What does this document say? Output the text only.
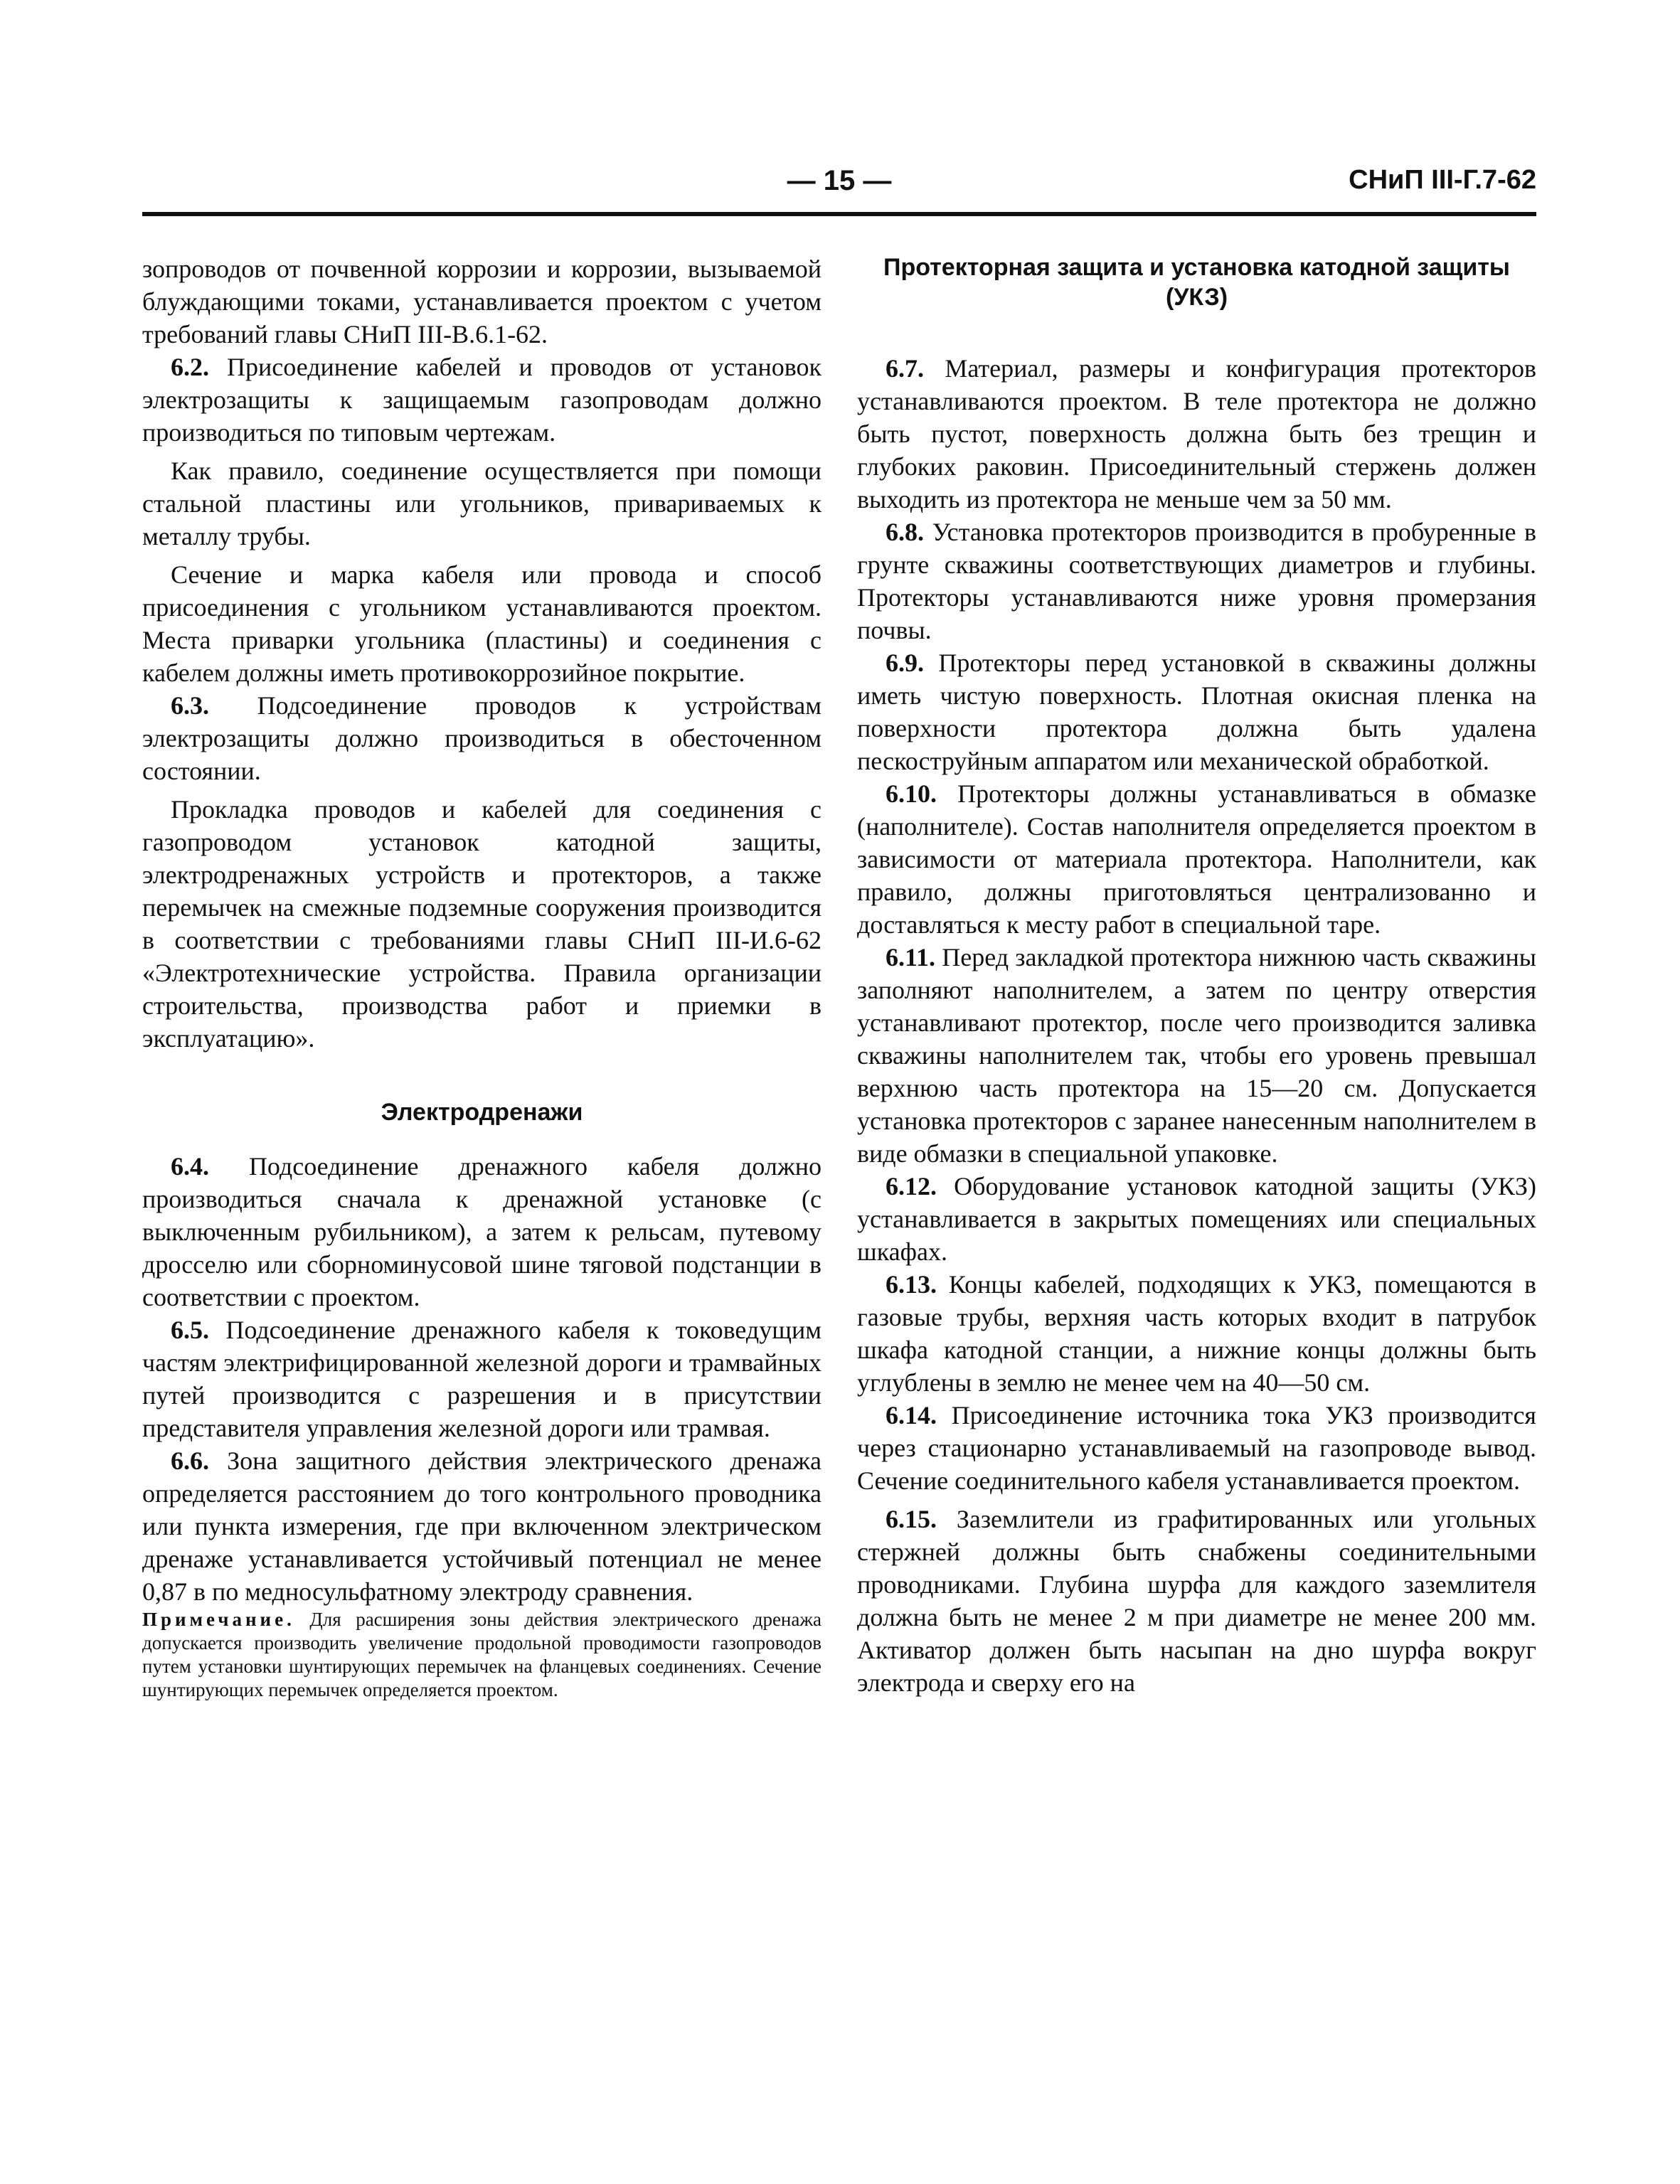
— 15 —	СНиП III-Г.7-62

зопроводов от почвенной коррозии и коррозии, вызываемой блуждающими токами, устанавливается проектом с учетом требований главы СНиП III-В.6.1-62.

6.2. Присоединение кабелей и проводов от установок электрозащиты к защищаемым газопроводам должно производиться по типовым чертежам.

Как правило, соединение осуществляется при помощи стальной пластины или угольников, привариваемых к металлу трубы.

Сечение и марка кабеля или провода и способ присоединения с угольником устанавливаются проектом. Места приварки угольника (пластины) и соединения с кабелем должны иметь противокоррозийное покрытие.

6.3. Подсоединение проводов к устройствам электрозащиты должно производиться в обесточенном состоянии.

Прокладка проводов и кабелей для соединения с газопроводом установок катодной защиты, электродренажных устройств и протекторов, а также перемычек на смежные подземные сооружения производится в соответствии с требованиями главы СНиП III-И.6-62 «Электротехнические устройства. Правила организации строительства, производства работ и приемки в эксплуатацию».

Электродренажи

6.4. Подсоединение дренажного кабеля должно производиться сначала к дренажной установке (с выключенным рубильником), а затем к рельсам, путевому дросселю или сборноминусовой шине тяговой подстанции в соответствии с проектом.

6.5. Подсоединение дренажного кабеля к токоведущим частям электрифицированной железной дороги и трамвайных путей производится с разрешения и в присутствии представителя управления железной дороги или трамвая.

6.6. Зона защитного действия электрического дренажа определяется расстоянием до того контрольного проводника или пункта измерения, где при включенном электрическом дренаже устанавливается устойчивый потенциал не менее 0,87 в по медносульфатному электроду сравнения.

Примечание. Для расширения зоны действия электрического дренажа допускается производить увеличение продольной проводимости газопроводов путем установки шунтирующих перемычек на фланцевых соединениях. Сечение шунтирующих перемычек определяется проектом.

Протекторная защита и установка катодной защиты (УКЗ)

6.7. Материал, размеры и конфигурация протекторов устанавливаются проектом. В теле протектора не должно быть пустот, поверхность должна быть без трещин и глубоких раковин. Присоединительный стержень должен выходить из протектора не меньше чем за 50 мм.

6.8. Установка протекторов производится в пробуренные в грунте скважины соответствующих диаметров и глубины. Протекторы устанавливаются ниже уровня промерзания почвы.

6.9. Протекторы перед установкой в скважины должны иметь чистую поверхность. Плотная окисная пленка на поверхности протектора должна быть удалена пескоструйным аппаратом или механической обработкой.

6.10. Протекторы должны устанавливаться в обмазке (наполнителе). Состав наполнителя определяется проектом в зависимости от материала протектора. Наполнители, как правило, должны приготовляться централизованно и доставляться к месту работ в специальной таре.

6.11. Перед закладкой протектора нижнюю часть скважины заполняют наполнителем, а затем по центру отверстия устанавливают протектор, после чего производится заливка скважины наполнителем так, чтобы его уровень превышал верхнюю часть протектора на 15—20 см. Допускается установка протекторов с заранее нанесенным наполнителем в виде обмазки в специальной упаковке.

6.12. Оборудование установок катодной защиты (УКЗ) устанавливается в закрытых помещениях или специальных шкафах.

6.13. Концы кабелей, подходящих к УКЗ, помещаются в газовые трубы, верхняя часть которых входит в патрубок шкафа катодной станции, а нижние концы должны быть углублены в землю не менее чем на 40—50 см.

6.14. Присоединение источника тока УКЗ производится через стационарно устанавливаемый на газопроводе вывод. Сечение соединительного кабеля устанавливается проектом.

6.15. Заземлители из графитированных или угольных стержней должны быть снабжены соединительными проводниками. Глубина шурфа для каждого заземлителя должна быть не менее 2 м при диаметре не менее 200 мм. Активатор должен быть насыпан на дно шурфа вокруг электрода и сверху его на
